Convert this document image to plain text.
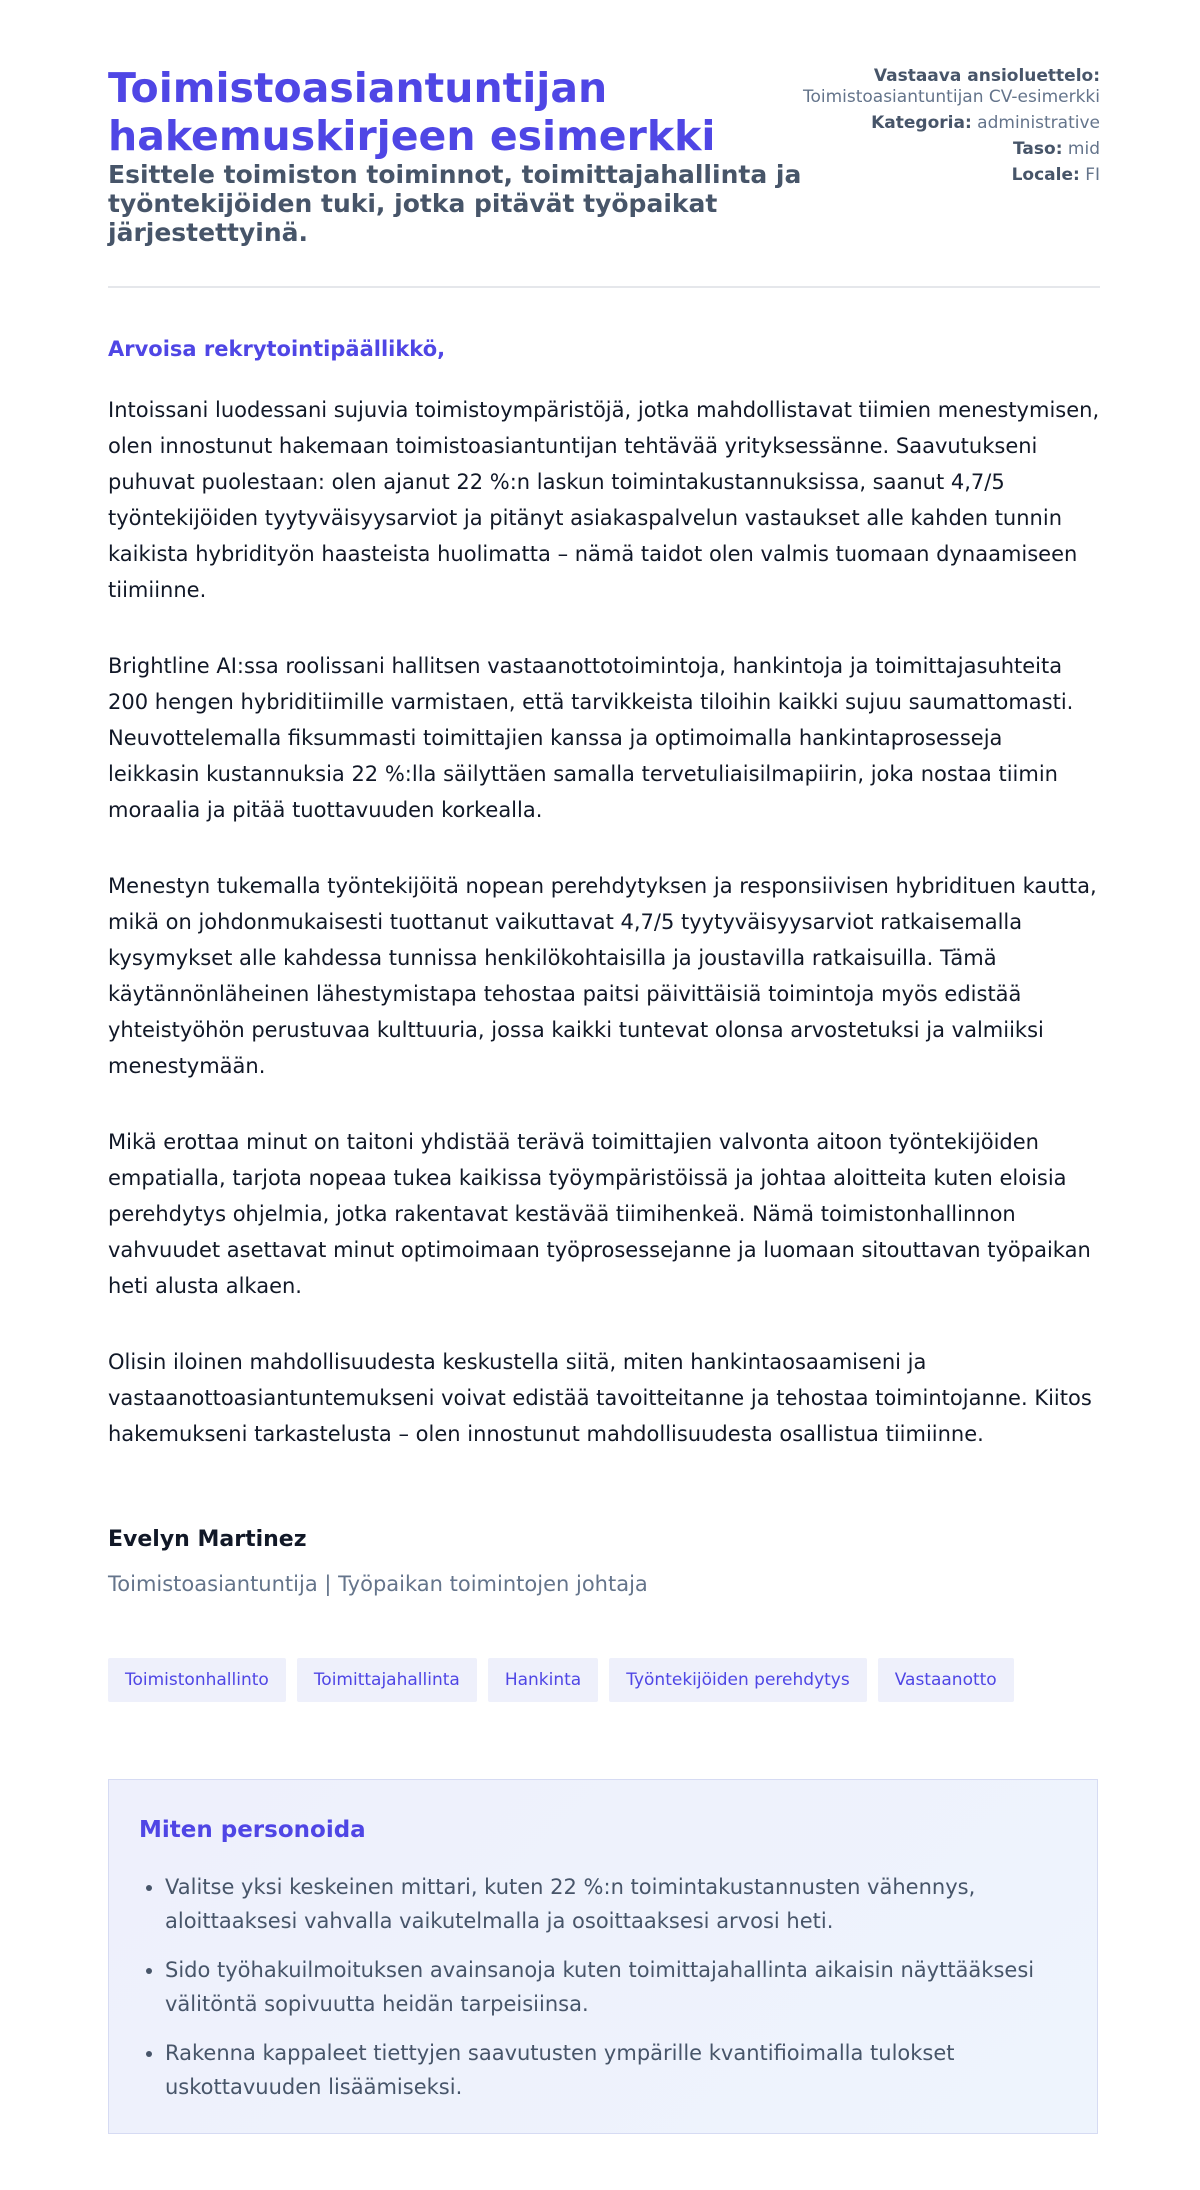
Toimistoasiantuntijan hakemuskirjeen esimerkki
Esittele toimiston toiminnot, toimittajahallinta ja työntekijöiden tuki, jotka pitävät työpaikat järjestettyinä.
Vastaava ansioluettelo:
Toimistoasiantuntijan CV-esimerkki
Kategoria: administrative
Taso: mid
Locale: FI

Arvoisa rekrytointipäällikkö,

Intoissani luodessani sujuvia toimistoympäristöjä, jotka mahdollistavat tiimien menestymisen, olen innostunut hakemaan toimistoasiantuntijan tehtävää yrityksessänne. Saavutukseni puhuvat puolestaan: olen ajanut 22 %:n laskun toimintakustannuksissa, saanut 4,7/5 työntekijöiden tyytyväisyysarviot ja pitänyt asiakaspalvelun vastaukset alle kahden tunnin kaikista hybridityön haasteista huolimatta – nämä taidot olen valmis tuomaan dynaamiseen tiimiinne.

Brightline AI:ssa roolissani hallitsen vastaanottotoimintoja, hankintoja ja toimittajasuhteita 200 hengen hybriditiimille varmistaen, että tarvikkeista tiloihin kaikki sujuu saumattomasti. Neuvottelemalla fiksummasti toimittajien kanssa ja optimoimalla hankintaprosesseja leikkasin kustannuksia 22 %:lla säilyttäen samalla tervetuliaisilmapiirin, joka nostaa tiimin moraalia ja pitää tuottavuuden korkealla.

Menestyn tukemalla työntekijöitä nopean perehdytyksen ja responsiivisen hybridituen kautta, mikä on johdonmukaisesti tuottanut vaikuttavat 4,7/5 tyytyväisyysarviot ratkaisemalla kysymykset alle kahdessa tunnissa henkilökohtaisilla ja joustavilla ratkaisuilla. Tämä käytännönläheinen lähestymistapa tehostaa paitsi päivittäisiä toimintoja myös edistää yhteistyöhön perustuvaa kulttuuria, jossa kaikki tuntevat olonsa arvostetuksi ja valmiiksi menestymään.

Mikä erottaa minut on taitoni yhdistää terävä toimittajien valvonta aitoon työntekijöiden empatialla, tarjota nopeaa tukea kaikissa työympäristöissä ja johtaa aloitteita kuten eloisia perehdytys ohjelmia, jotka rakentavat kestävää tiimihenkeä. Nämä toimistonhallinnon vahvuudet asettavat minut optimoimaan työprosessejanne ja luomaan sitouttavan työpaikan heti alusta alkaen.

Olisin iloinen mahdollisuudesta keskustella siitä, miten hankintaosaamiseni ja vastaanottoasiantuntemukseni voivat edistää tavoitteitanne ja tehostaa toimintojanne. Kiitos hakemukseni tarkastelusta – olen innostunut mahdollisuudesta osallistua tiimiinne.

Evelyn Martinez
Toimistoasiantuntija | Työpaikan toimintojen johtaja
Toimistonhallinto	Toimittajahallinta	Hankinta	Työntekijöiden perehdytys	Vastaanotto
Miten personoida
• Valitse yksi keskeinen mittari, kuten 22 %:n toimintakustannusten vähennys, aloittaaksesi vahvalla vaikutelmalla ja osoittaaksesi arvosi heti.
• Sido työhakuilmoituksen avainsanoja kuten toimittajahallinta aikaisin näyttääksesi välitöntä sopivuutta heidän tarpeisiinsa.
• Rakenna kappaleet tiettyjen saavutusten ympärille kvantifioimalla tulokset uskottavuuden lisäämiseksi.
